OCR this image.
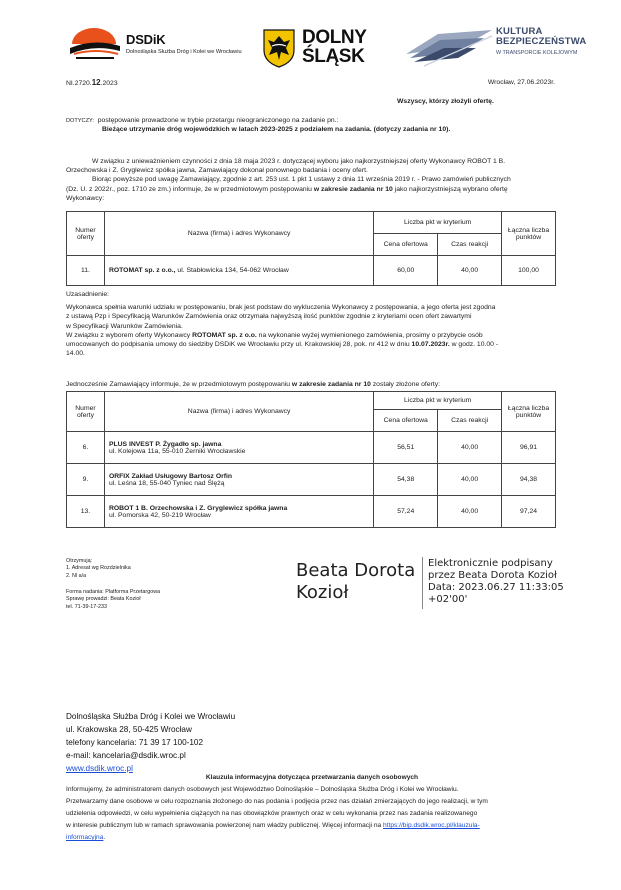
DSDiK
Dolnośląska Służba Dróg i Kolei we Wrocławiu
DOLNY
ŚLĄSK
KULTURA
BEZPIECZEŃSTWA
W TRANSPORCIE KOLEJOWYM
NI.2720.12.2023	Wrocław, 27.06.2023r.
Wszyscy, którzy złożyli ofertę.
DOTYCZY: postępowanie prowadzone w trybie przetargu nieograniczonego na zadanie pn.:
Bieżące utrzymanie dróg wojewódzkich w latach 2023-2025 z podziałem na zadania. (dotyczy zadania nr 10).
W związku z unieważnieniem czynności z dnia 18 maja 2023 r. dotyczącej wyboru jako najkorzystniejszej oferty Wykonawcy ROBOT 1 B.
Orzechowska i Z. Gryglewicz spółka jawna, Zamawiający dokonał ponownego badania i oceny ofert.
Biorąc powyższe pod uwagę Zamawiający, zgodnie z art. 253 ust. 1 pkt 1 ustawy z dnia 11 września 2019 r. - Prawo zamówień publicznych
(Dz. U. z 2022r., poz. 1710 ze zm.) informuje, że w przedmiotowym postępowaniu w zakresie zadania nr 10 jako najkorzystniejszą wybrano ofertę
Wykonawcy:
Numer oferty	Nazwa (firma) i adres Wykonawcy	Liczba pkt w kryterium		Łączna liczba punktów
		Cena ofertowa	Czas reakcji	
11.	ROTOMAT sp. z o.o., ul. Stabłowicka 134, 54-062 Wrocław	60,00	40,00	100,00
Uzasadnienie:
Wykonawca spełnia warunki udziału w postępowaniu, brak jest podstaw do wykluczenia Wykonawcy z postępowania, a jego oferta jest zgodna
z ustawą Pzp i Specyfikacją Warunków Zamówienia oraz otrzymała najwyższą ilość punktów zgodnie z kryteriami ocen ofert zawartymi
w Specyfikacji Warunków Zamówienia.
W związku z wyborem oferty Wykonawcy ROTOMAT sp. z o.o. na wykonanie wyżej wymienionego zamówienia, prosimy o przybycie osób
umocowanych do podpisania umowy do siedziby DSDiK we Wrocławiu przy ul. Krakowskiej 28, pok. nr 412 w dniu 10.07.2023r. w godz. 10.00 -
14.00.
Jednocześnie Zamawiający informuje, że w przedmiotowym postępowaniu w zakresie zadania nr 10 zostały złożone oferty:
Numer oferty	Nazwa (firma) i adres Wykonawcy	Liczba pkt w kryterium		Łączna liczba punktów
		Cena ofertowa	Czas reakcji	
6.	PLUS INVEST P. Żygadło sp. jawna
ul. Kolejowa 11a, 55-010 Żerniki Wrocławskie	56,51	40,00	96,91
9.	ORFIX Zakład Usługowy Bartosz Orfin
ul. Leśna 18, 55-040 Tyniec nad Ślężą	54,38	40,00	94,38
13.	ROBOT 1 B. Orzechowska i Z. Gryglewicz spółka jawna
ul. Pomorska 42, 50-219 Wrocław	57,24	40,00	97,24
Otrzymują:
1. Adresat wg Rozdzielnika
2. Nl a/a
Forma nadania: Platforma Przetargowa
Sprawę prowadzi: Beata Kozioł
tel. 71-39-17-233
Beata Dorota
Kozioł
Elektronicznie podpisany
przez Beata Dorota Kozioł
Data: 2023.06.27 11:33:05
+02'00'
Dolnośląska Służba Dróg i Kolei we Wrocławiu
ul. Krakowska 28, 50-425 Wrocław
telefony kancelaria: 71 39 17 100-102
e-mail: kancelaria@dsdik.wroc.pl
www.dsdik.wroc.pl
Klauzula informacyjna dotycząca przetwarzania danych osobowych
Informujemy, że administratorem danych osobowych jest Województwo Dolnośląskie – Dolnośląska Służba Dróg i Kolei we Wrocławiu.
Przetwarzamy dane osobowe w celu rozpoznania złożonego do nas podania i podjęcia przez nas działań zmierzających do jego realizacji, w tym
udzielenia odpowiedzi, w celu wypełnienia ciążących na nas obowiązków prawnych oraz w celu wykonania przez nas zadania realizowanego
w interesie publicznym lub w ramach sprawowania powierzonej nam władzy publicznej. Więcej informacji na https://bip.dsdik.wroc.pl/klauzula-
informacyjna.
